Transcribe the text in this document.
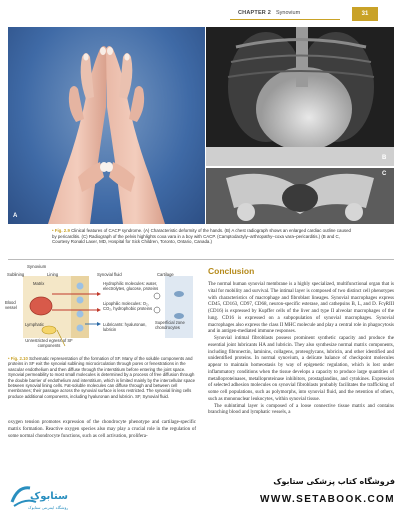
CHAPTER 2 Synovium	31
A
B
C
• Fig. 2.9 Clinical features of CACP syndrome. (A) Characteristic deformity of the hands. (B) A chest radiograph shows an enlarged cardiac outline caused by pericarditis. (C) Radiograph of the pelvis highlights coxa vara in a boy with CACP. (Camptodactyly–arthropathy–coxa vara–pericarditis.) (B and C, Courtesy Ronald Laxer, MD, Hospital for Sick Children, Toronto, Ontario, Canada.)
Synovium
Sublining	Lining
Matrix
Synovial fluid	Cartilage
Blood vessel
Lymphatic
Unrestricted egress of SF components
Hydrophilic molecules: water, electrolytes, glucose, proteins
Lipophilic molecules: O₂, CO₂, hydrophobic proteins
Lubricants: hyaluronan, lubricin
Superficial zone chondrocytes
• Fig. 2.10 Schematic representation of the formation of SF. Many of the soluble components and proteins in SF exit the synovial sublining microcirculation through pores or fenestrations in the vascular endothelium and then diffuse through the interstitium before entering the joint space. Synovial permeability to most small molecules is determined by a process of free diffusion through the double barrier of endothelium and interstitium, which is limited mainly by the intercellular space between synovial lining cells. Fat-soluble molecules can diffuse through and between cell membranes; their passage across the synovial surface is less restricted. The synovial lining cells produce additional components, including hyaluronan and lubricin. SF, Synovial fluid.
oxygen tension promotes expression of the chondrocyte phenotype and cartilage-specific matrix formation. Reactive oxygen species also may play a crucial role in the regulation of some normal chondrocyte functions, such as cell activation, prolifera-
Conclusion

The normal human synovial membrane is a highly specialized, multifunctional organ that is vital for mobility and survival. The intimal layer is composed of two distinct cell phenotypes with characteristics of macrophage and fibroblast lineages. Synovial macrophages express CD45, CD163, CD97, CD68, neuron-specific esterase, and cathepsins B, L, and D. FcγRIII (CD16) is expressed by Kupffer cells of the liver and type II alveolar macrophages of the lung. CD16 is expressed on a subpopulation of synovial macrophages. Synovial macrophages also express the class II MHC molecule and play a central role in phagocytosis and in antigen-mediated immune responses.

Synovial intimal fibroblasts possess prominent synthetic capacity and produce the essential joint lubricants HA and lubricin. They also synthesize normal matrix components, including fibronectin, laminins, collagens, proteoglycans, lubricin, and other identified and unidentified proteins. In normal synovium, a delicate balance of checkpoint molecules appear to maintain homeostasis by way of epigenetic regulation, which is lost under inflammatory conditions when the tissue develops a capacity to produce large quantities of metalloproteinases, metalloproteinase inhibitors, prostaglandins, and cytokines. Expression of selected adhesion molecules on synovial fibroblasts probably facilitates the trafficking of some cell populations, such as polymorphs, into synovial fluid, and the retention of others, such as mononuclear leukocytes, within synovial tissue.

The subintimal layer is composed of a loose connective tissue matrix and contains branching blood and lymphatic vessels, a

ستابوک
فروشگاه اینترنتی ستابوک
فروشگاه کتاب پزشکی ستابوک
WWW.SETABOOK.COM
